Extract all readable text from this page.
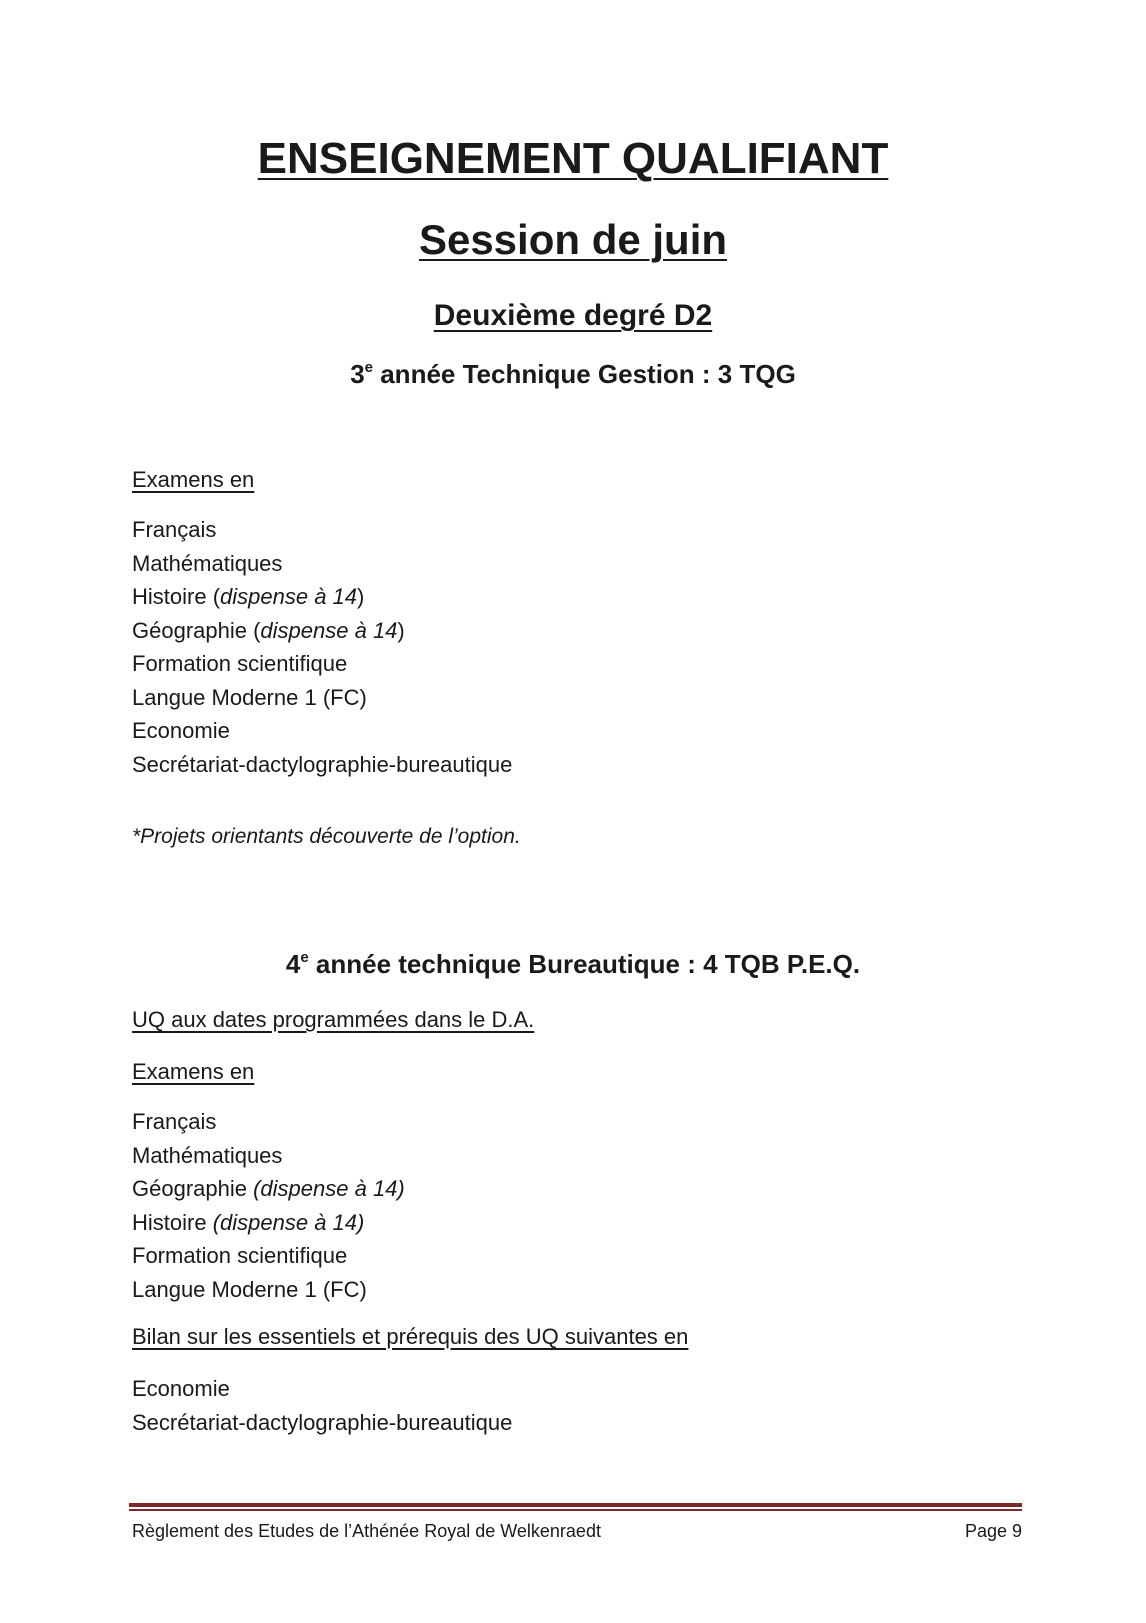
ENSEIGNEMENT QUALIFIANT
Session de juin
Deuxième degré D2
3e année Technique Gestion : 3 TQG

Examens en

Français
Mathématiques
Histoire (dispense à 14)
Géographie (dispense à 14)
Formation scientifique
Langue Moderne 1 (FC)
Economie
Secrétariat-dactylographie-bureautique

*Projets orientants découverte de l’option.

4e année technique Bureautique : 4 TQB P.E.Q.

UQ aux dates programmées dans le D.A.

Examens en

Français
Mathématiques
Géographie (dispense à 14)
Histoire (dispense à 14)
Formation scientifique
Langue Moderne 1 (FC)

Bilan sur les essentiels et prérequis des UQ suivantes en

Economie
Secrétariat-dactylographie-bureautique

Règlement des Etudes de l’Athénée Royal de Welkenraedt	Page 9
